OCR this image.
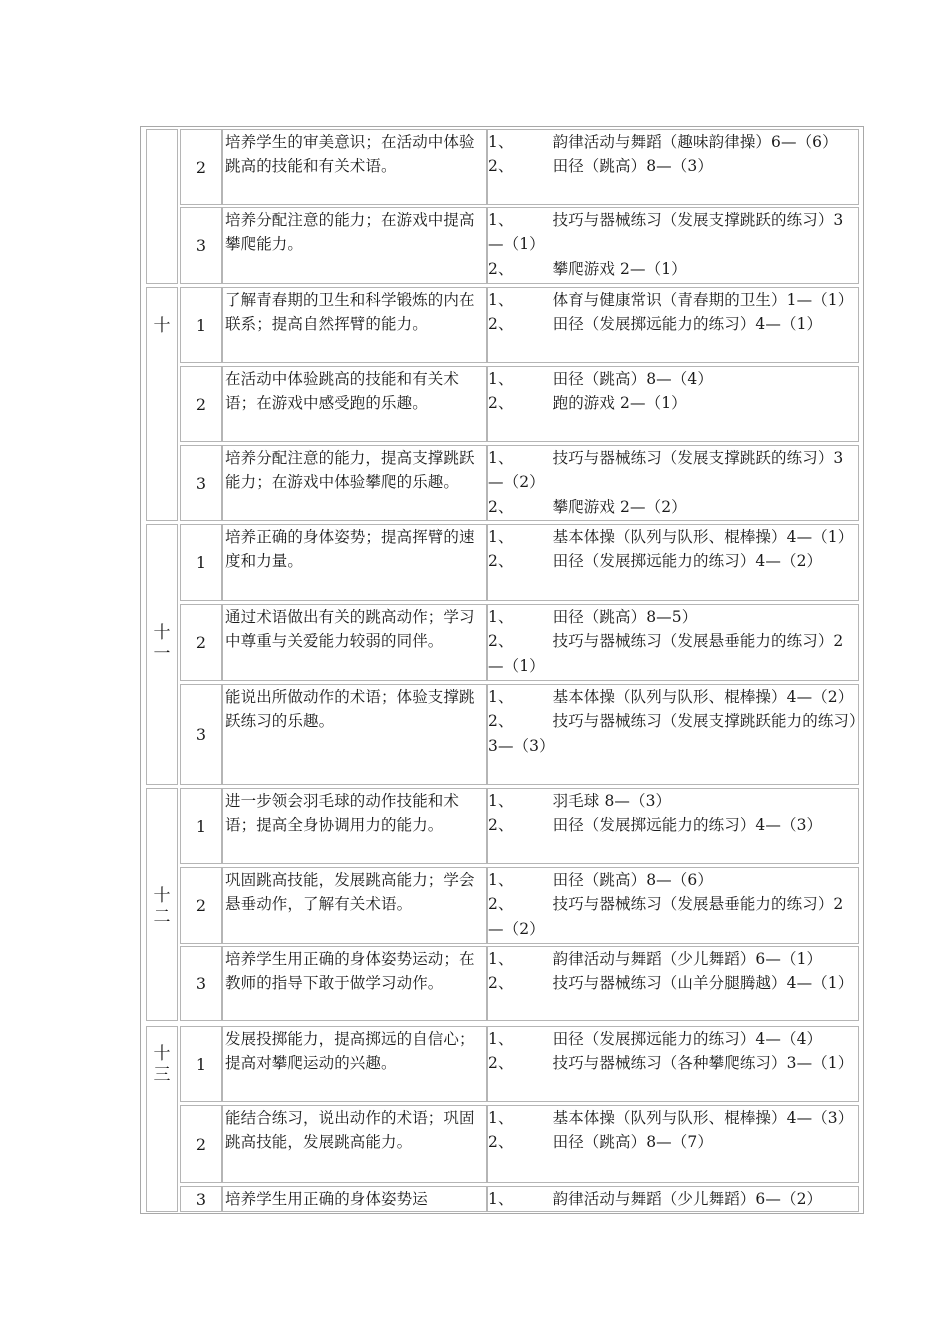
十
十
一
十
二
十
三
2
培养学生的审美意识；在活动中体验跳高的技能和有关术语。
1、　　　韵律活动与舞蹈（趣味韵律操）6—（6）
2、　　　田径（跳高）8—（3）
3
培养分配注意的能力；在游戏中提高攀爬能力。
1、　　　技巧与器械练习（发展支撑跳跃的练习）3—（1）
2、　　　攀爬游戏 2—（1）
1
了解青春期的卫生和科学锻炼的内在联系；提高自然挥臂的能力。
1、　　　体育与健康常识（青春期的卫生）1—（1）
2、　　　田径（发展掷远能力的练习）4—（1）
2
在活动中体验跳高的技能和有关术语；在游戏中感受跑的乐趣。
1、　　　田径（跳高）8—（4）
2、　　　跑的游戏 2—（1）
3
培养分配注意的能力，提高支撑跳跃能力；在游戏中体验攀爬的乐趣。
1、　　　技巧与器械练习（发展支撑跳跃的练习）3—（2）
2、　　　攀爬游戏 2—（2）
1
培养正确的身体姿势；提高挥臂的速度和力量。
1、　　　基本体操（队列与队形、棍棒操）4—（1）
2、　　　田径（发展掷远能力的练习）4—（2）
2
通过术语做出有关的跳高动作；学习中尊重与关爱能力较弱的同伴。
1、　　　田径（跳高）8—5）
2、　　　技巧与器械练习（发展悬垂能力的练习）2—（1）
3
能说出所做动作的术语；体验支撑跳跃练习的乐趣。
1、　　　基本体操（队列与队形、棍棒操）4—（2）
2、　　　技巧与器械练习（发展支撑跳跃能力的练习）3—（3）
1
进一步领会羽毛球的动作技能和术语；提高全身协调用力的能力。
1、　　　羽毛球 8—（3）
2、　　　田径（发展掷远能力的练习）4—（3）
2
巩固跳高技能，发展跳高能力；学会悬垂动作，了解有关术语。
1、　　　田径（跳高）8—（6）
2、　　　技巧与器械练习（发展悬垂能力的练习）2—（2）
3
培养学生用正确的身体姿势运动；在教师的指导下敢于做学习动作。
1、　　　韵律活动与舞蹈（少儿舞蹈）6—（1）
2、　　　技巧与器械练习（山羊分腿腾越）4—（1）
1
发展投掷能力，提高掷远的自信心；提高对攀爬运动的兴趣。
1、　　　田径（发展掷远能力的练习）4—（4）
2、　　　技巧与器械练习（各种攀爬练习）3—（1）
2
能结合练习，说出动作的术语；巩固跳高技能，发展跳高能力。
1、　　　基本体操（队列与队形、棍棒操）4—（3）
2、　　　田径（跳高）8—（7）
3 培养学生用正确的身体姿势运	1、　　　韵律活动与舞蹈（少儿舞蹈）6—（2）
